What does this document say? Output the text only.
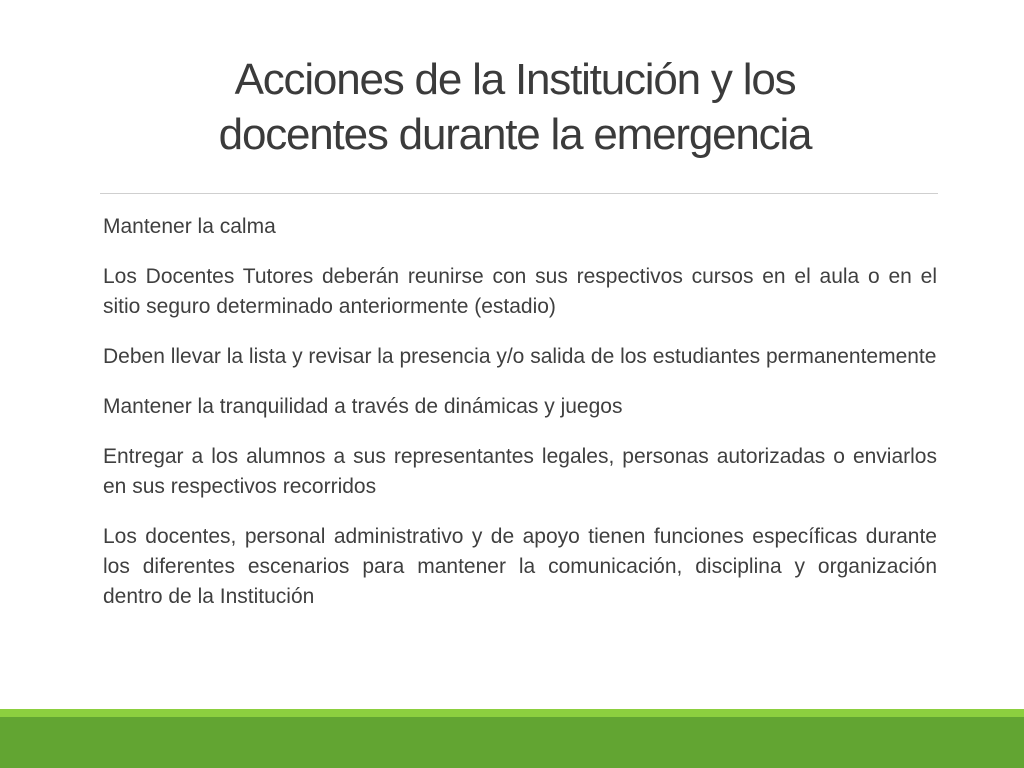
Acciones de la Institución y los
docentes durante la emergencia

Mantener la calma

Los Docentes Tutores deberán reunirse con sus respectivos cursos en el aula o en el sitio seguro determinado anteriormente (estadio)

Deben llevar la lista y revisar la presencia y/o salida de los estudiantes permanentemente

Mantener la tranquilidad a través de dinámicas y juegos

Entregar a los alumnos a sus representantes legales, personas autorizadas o enviarlos en sus respectivos recorridos

Los docentes, personal administrativo y de apoyo tienen funciones específicas durante los diferentes escenarios para mantener la comunicación, disciplina y organización dentro de la Institución
